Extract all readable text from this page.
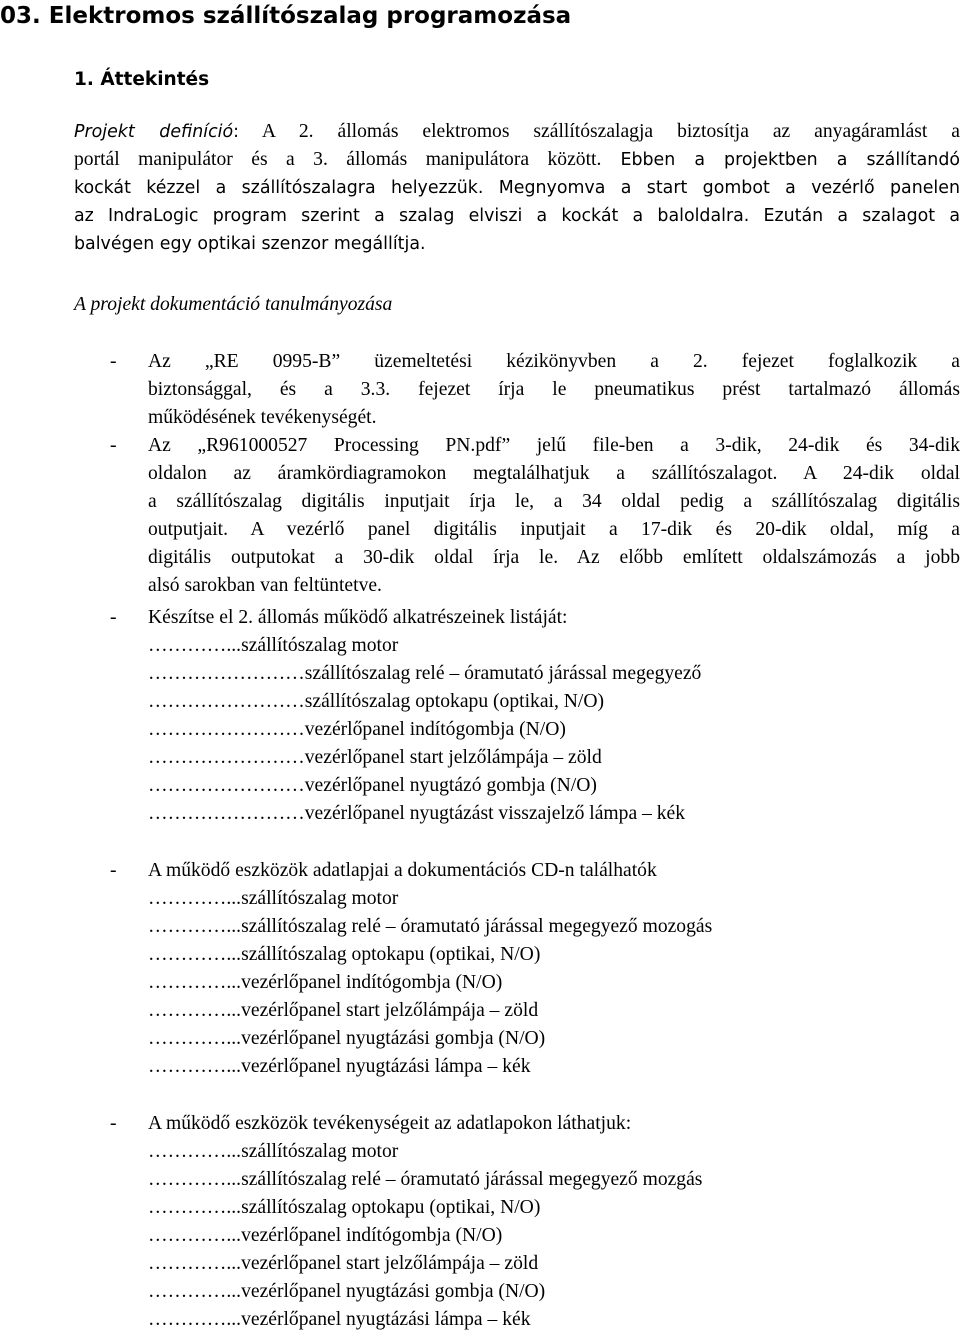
03. Elektromos szállítószalag programozása
1. Áttekintés
Projekt definíció: A 2. állomás elektromos szállítószalagja biztosítja az anyagáramlást a
portál manipulátor és a 3. állomás manipulátora között. Ebben a projektben a szállítandó
kockát kézzel a szállítószalagra helyezzük. Megnyomva a start gombot a vezérlő panelen
az IndraLogic program szerint a szalag elviszi a kockát a baloldalra. Ezután a szalagot a
balvégen egy optikai szenzor megállítja.
A projekt dokumentáció tanulmányozása
- Az „RE 0995-B” üzemeltetési kézikönyvben a 2. fejezet foglalkozik a
biztonsággal, és a 3.3. fejezet írja le pneumatikus prést tartalmazó állomás
működésének tevékenységét.
- Az „R961000527 Processing PN.pdf” jelű file-ben a 3-dik, 24-dik és 34-dik
oldalon az áramkördiagramokon megtalálhatjuk a szállítószalagot. A 24-dik oldal
a szállítószalag digitális inputjait írja le, a 34 oldal pedig a szállítószalag digitális
outputjait. A vezérlő panel digitális inputjait a 17-dik és 20-dik oldal, míg a
digitális outputokat a 30-dik oldal írja le. Az előbb említett oldalszámozás a jobb
alsó sarokban van feltüntetve.
- Készítse el 2. állomás működő alkatrészeinek listáját:
…………...szállítószalag motor
……………………szállítószalag relé – óramutató járással megegyező
……………………szállítószalag optokapu (optikai, N/O)
……………………vezérlőpanel indítógombja (N/O)
……………………vezérlőpanel start jelzőlámpája – zöld
……………………vezérlőpanel nyugtázó gombja (N/O)
……………………vezérlőpanel nyugtázást visszajelző lámpa – kék
- A működő eszközök adatlapjai a dokumentációs CD-n találhatók
…………...szállítószalag motor
…………...szállítószalag relé – óramutató járással megegyező mozogás
…………...szállítószalag optokapu (optikai, N/O)
…………...vezérlőpanel indítógombja (N/O)
…………...vezérlőpanel start jelzőlámpája – zöld
…………...vezérlőpanel nyugtázási gombja (N/O)
…………...vezérlőpanel nyugtázási lámpa – kék
- A működő eszközök tevékenységeit az adatlapokon láthatjuk:
…………...szállítószalag motor
…………...szállítószalag relé – óramutató járással megegyező mozgás
…………...szállítószalag optokapu (optikai, N/O)
…………...vezérlőpanel indítógombja (N/O)
…………...vezérlőpanel start jelzőlámpája – zöld
…………...vezérlőpanel nyugtázási gombja (N/O)
…………...vezérlőpanel nyugtázási lámpa – kék
